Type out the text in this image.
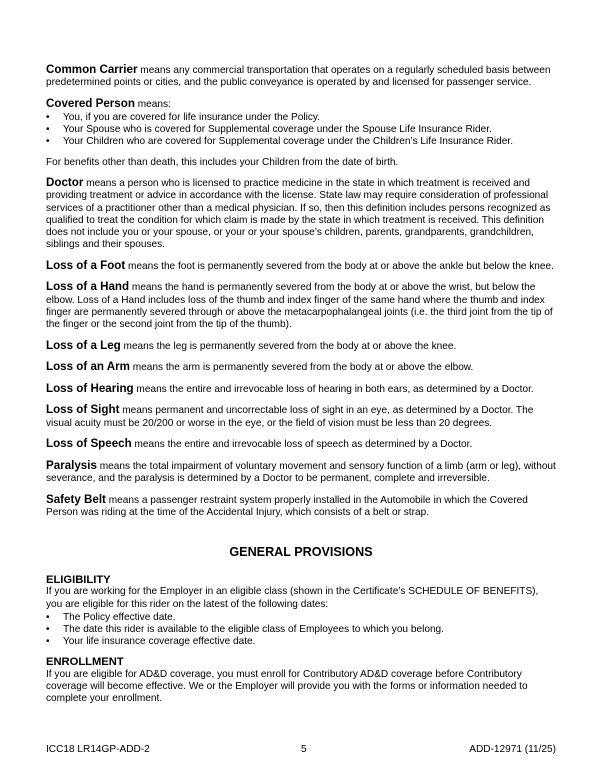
Common Carrier means any commercial transportation that operates on a regularly scheduled basis between predetermined points or cities, and the public conveyance is operated by and licensed for passenger service.

Covered Person means:
• You, if you are covered for life insurance under the Policy.
• Your Spouse who is covered for Supplemental coverage under the Spouse Life Insurance Rider.
• Your Children who are covered for Supplemental coverage under the Children’s Life Insurance Rider.

For benefits other than death, this includes your Children from the date of birth.

Doctor means a person who is licensed to practice medicine in the state in which treatment is received and providing treatment or advice in accordance with the license. State law may require consideration of professional services of a practitioner other than a medical physician. If so, then this definition includes persons recognized as qualified to treat the condition for which claim is made by the state in which treatment is received. This definition does not include you or your spouse, or your or your spouse’s children, parents, grandparents, grandchildren, siblings and their spouses.

Loss of a Foot means the foot is permanently severed from the body at or above the ankle but below the knee.

Loss of a Hand means the hand is permanently severed from the body at or above the wrist, but below the elbow. Loss of a Hand includes loss of the thumb and index finger of the same hand where the thumb and index finger are permanently severed through or above the metacarpophalangeal joints (i.e. the third joint from the tip of the finger or the second joint from the tip of the thumb).

Loss of a Leg means the leg is permanently severed from the body at or above the knee.

Loss of an Arm means the arm is permanently severed from the body at or above the elbow.

Loss of Hearing means the entire and irrevocable loss of hearing in both ears, as determined by a Doctor.

Loss of Sight means permanent and uncorrectable loss of sight in an eye, as determined by a Doctor. The visual acuity must be 20/200 or worse in the eye, or the field of vision must be less than 20 degrees.

Loss of Speech means the entire and irrevocable loss of speech as determined by a Doctor.

Paralysis means the total impairment of voluntary movement and sensory function of a limb (arm or leg), without severance, and the paralysis is determined by a Doctor to be permanent, complete and irreversible.

Safety Belt means a passenger restraint system properly installed in the Automobile in which the Covered Person was riding at the time of the Accidental Injury, which consists of a belt or strap.

GENERAL PROVISIONS

ELIGIBILITY

If you are working for the Employer in an eligible class (shown in the Certificate’s SCHEDULE OF BENEFITS), you are eligible for this rider on the latest of the following dates:

• The Policy effective date.
• The date this rider is available to the eligible class of Employees to which you belong.
• Your life insurance coverage effective date.

ENROLLMENT

If you are eligible for AD&D coverage, you must enroll for Contributory AD&D coverage before Contributory coverage will become effective. We or the Employer will provide you with the forms or information needed to complete your enrollment.

ICC18 LR14GP-ADD-2	5	ADD-12971 (11/25)
